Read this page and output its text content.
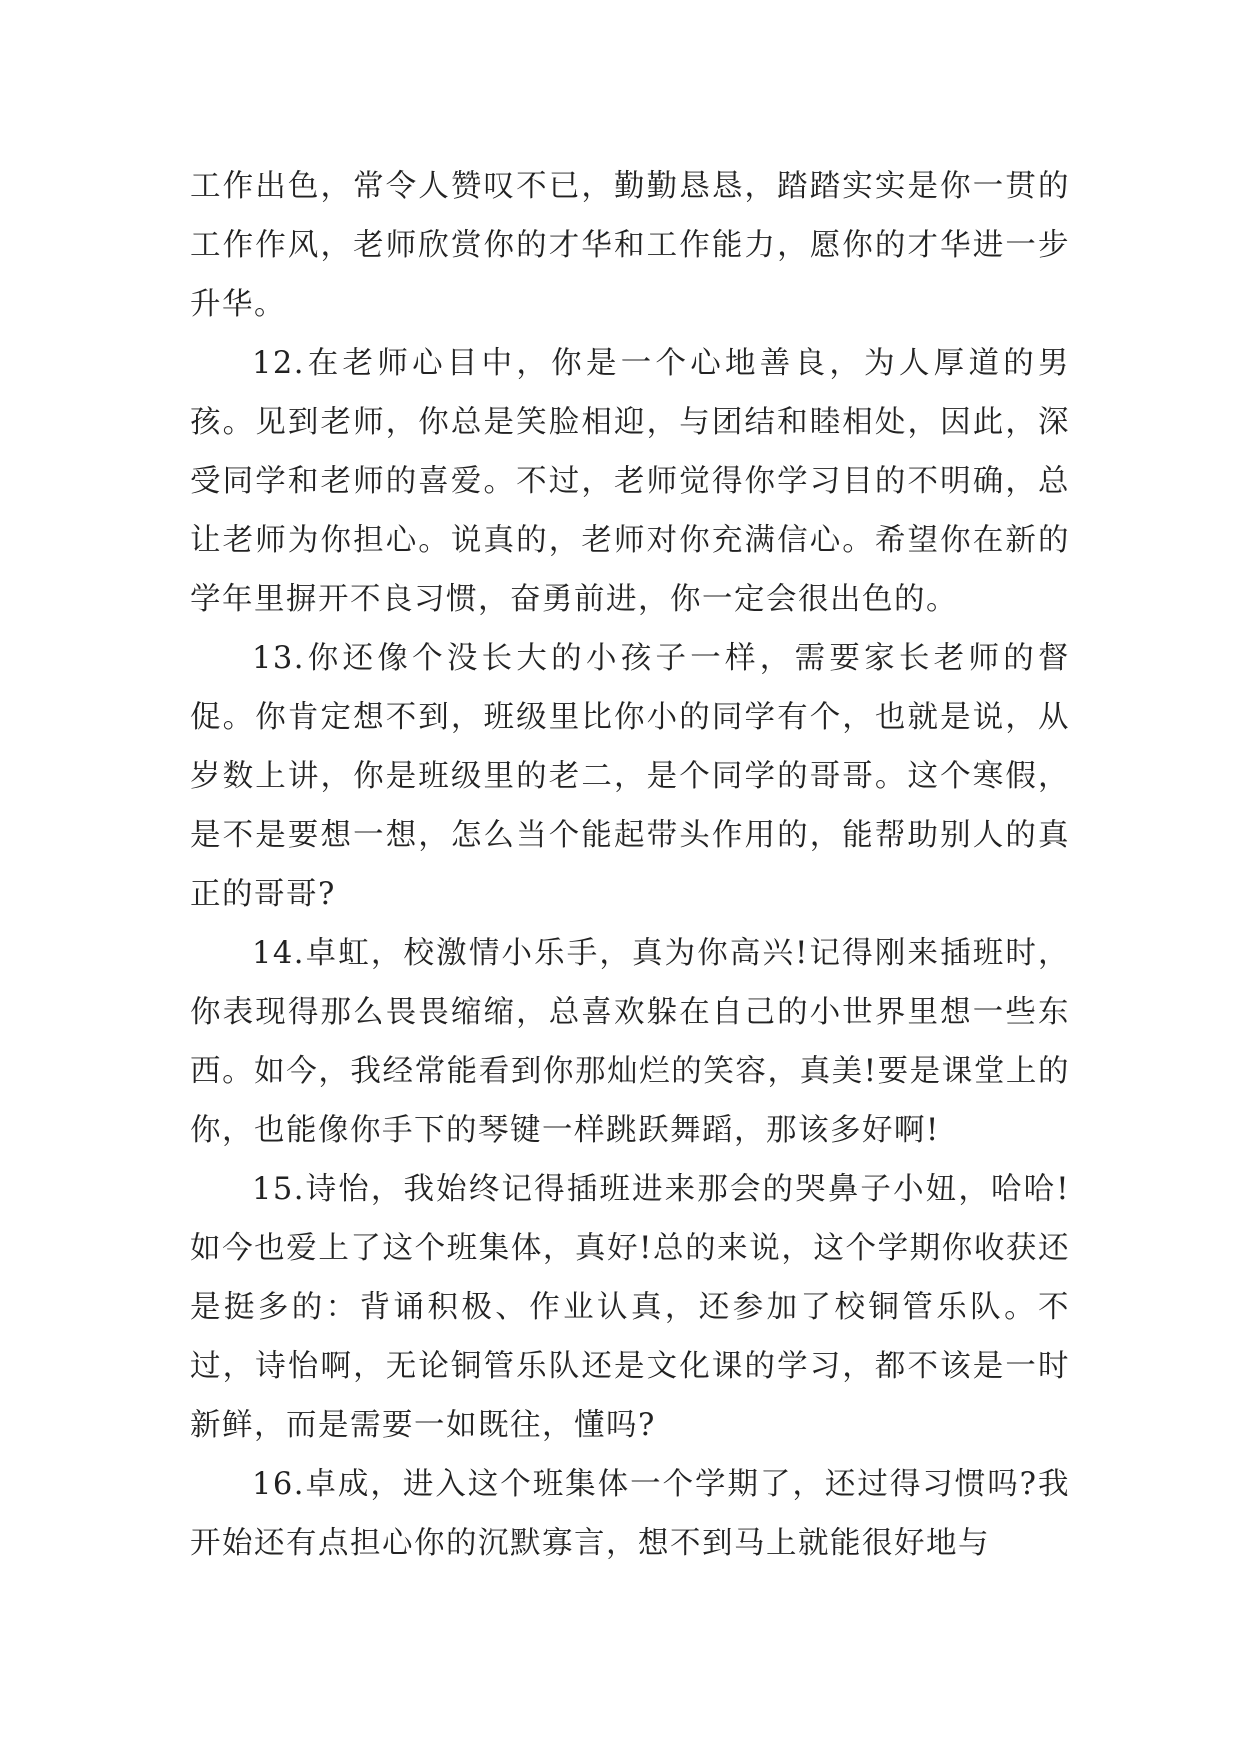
工作出色，常令人赞叹不已，勤勤恳恳，踏踏实实是你一贯的工作作风，老师欣赏你的才华和工作能力，愿你的才华进一步升华。

12.在老师心目中，你是一个心地善良，为人厚道的男孩。见到老师，你总是笑脸相迎，与团结和睦相处，因此，深受同学和老师的喜爱。不过，老师觉得你学习目的不明确，总让老师为你担心。说真的，老师对你充满信心。希望你在新的学年里摒开不良习惯，奋勇前进，你一定会很出色的。

13.你还像个没长大的小孩子一样，需要家长老师的督促。你肯定想不到，班级里比你小的同学有个，也就是说，从岁数上讲，你是班级里的老二，是个同学的哥哥。这个寒假，是不是要想一想，怎么当个能起带头作用的，能帮助别人的真正的哥哥?

14.卓虹，校激情小乐手，真为你高兴!记得刚来插班时，你表现得那么畏畏缩缩，总喜欢躲在自己的小世界里想一些东西。如今，我经常能看到你那灿烂的笑容，真美!要是课堂上的你，也能像你手下的琴键一样跳跃舞蹈，那该多好啊!

15.诗怡，我始终记得插班进来那会的哭鼻子小妞，哈哈!如今也爱上了这个班集体，真好!总的来说，这个学期你收获还是挺多的：背诵积极、作业认真，还参加了校铜管乐队。不过，诗怡啊，无论铜管乐队还是文化课的学习，都不该是一时新鲜，而是需要一如既往，懂吗?

16.卓成，进入这个班集体一个学期了，还过得习惯吗?我开始还有点担心你的沉默寡言，想不到马上就能很好地与
